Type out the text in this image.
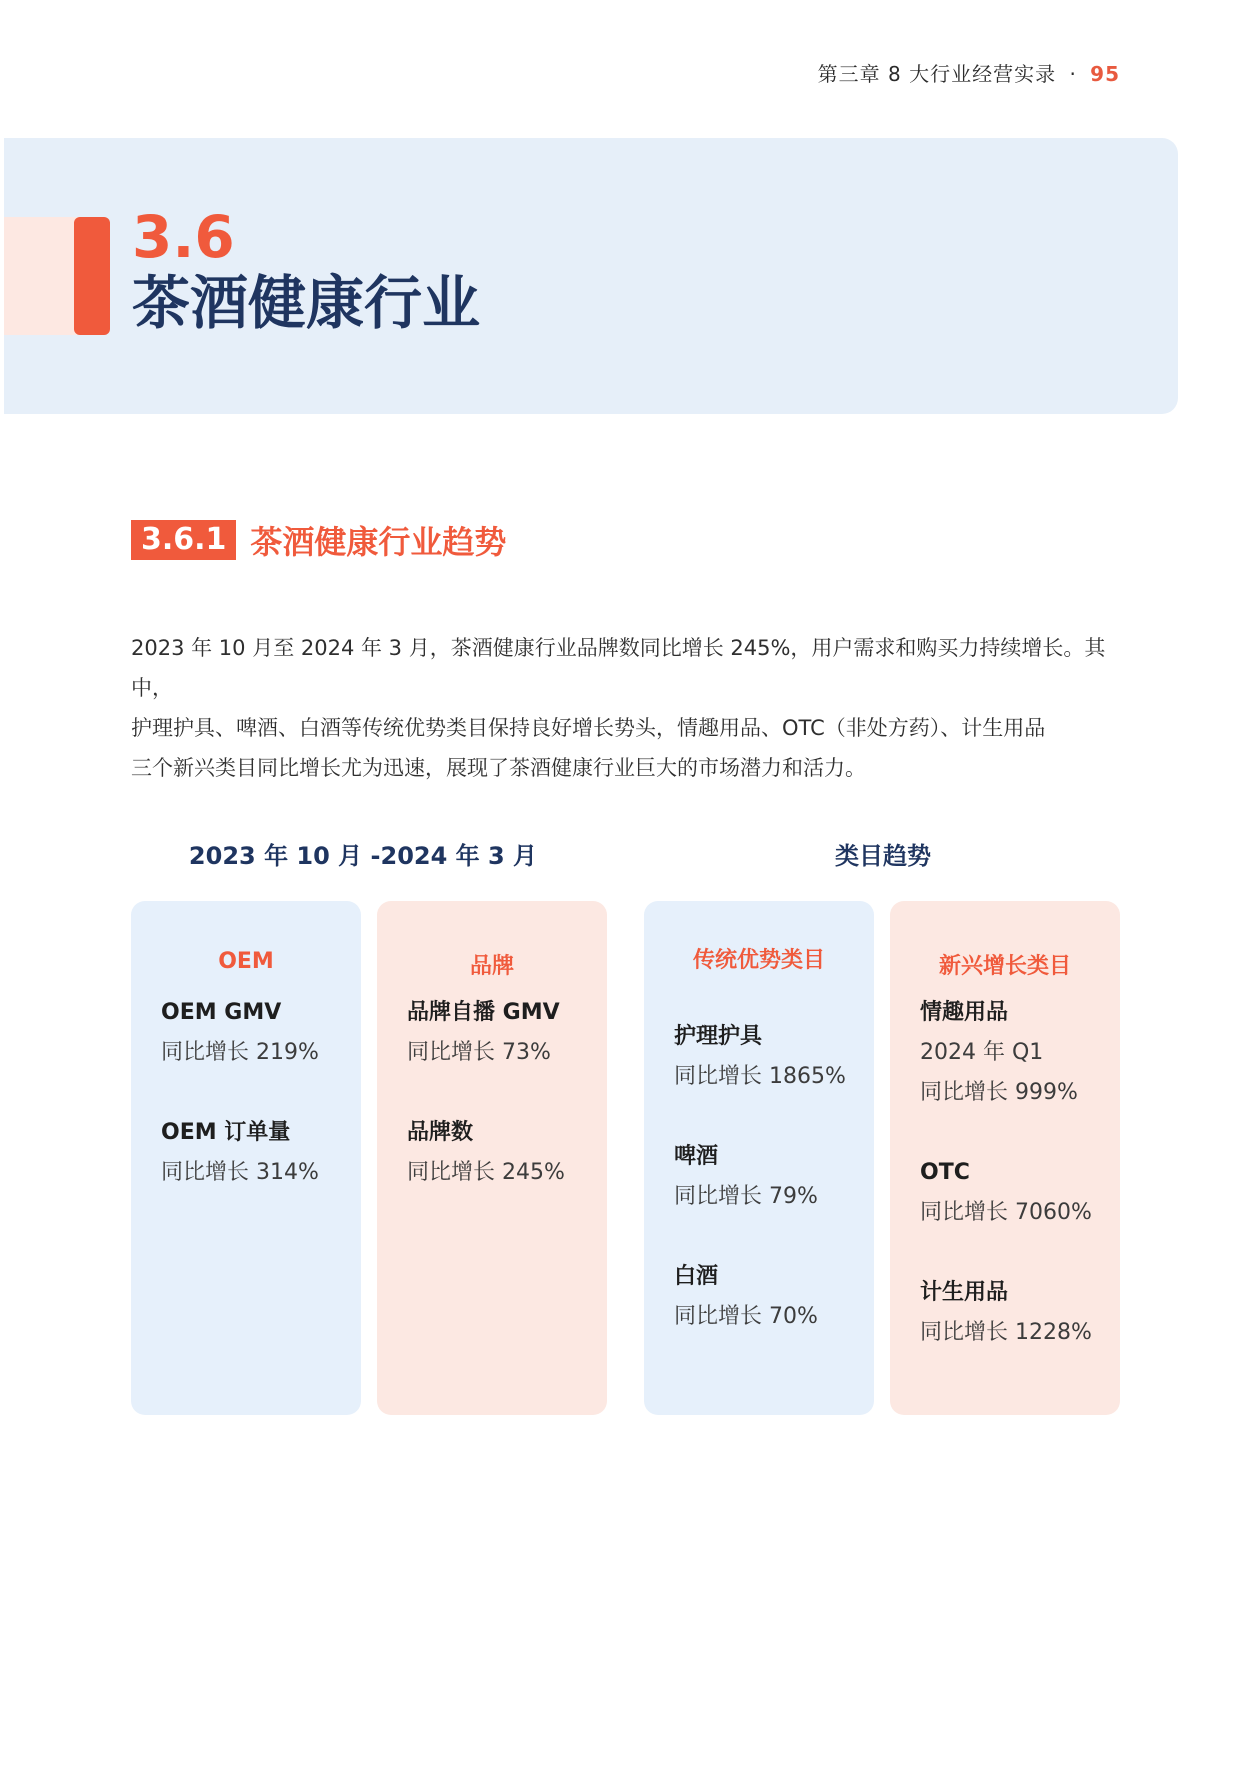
第三章 8 大行业经营实录 · 95
3.6
茶酒健康行业
3.6.1 茶酒健康行业趋势
2023 年 10 月至 2024 年 3 月，茶酒健康行业品牌数同比增长 245%，用户需求和购买力持续增长。其中，
护理护具、啤酒、白酒等传统优势类目保持良好增长势头，情趣用品、OTC（非处方药）、计生用品
三个新兴类目同比增长尤为迅速，展现了茶酒健康行业巨大的市场潜力和活力。
2023 年 10 月 -2024 年 3 月	类目趋势
OEM
OEM GMV
同比增长 219%
OEM 订单量
同比增长 314%
品牌
品牌自播 GMV
同比增长 73%
品牌数
同比增长 245%
传统优势类目
护理护具
同比增长 1865%
啤酒
同比增长 79%
白酒
同比增长 70%
新兴增长类目
情趣用品
2024 年 Q1
同比增长 999%
OTC
同比增长 7060%
计生用品
同比增长 1228%
